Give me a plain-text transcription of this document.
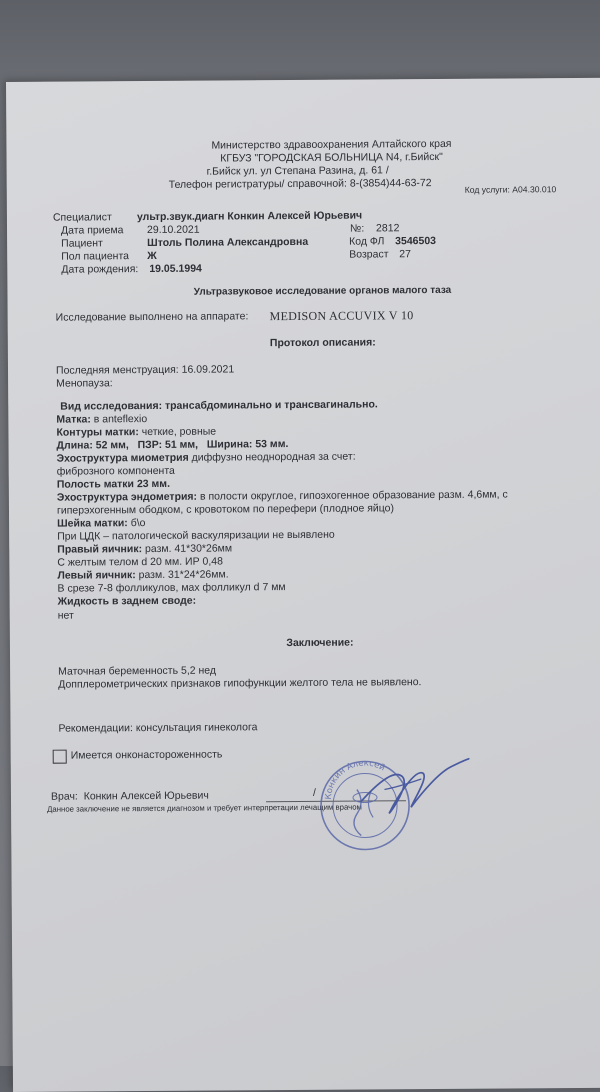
Министерство здравоохранения Алтайского края
КГБУЗ "ГОРОДСКАЯ БОЛЬНИЦА N4, г.Бийск"
г.Бийск ул. ул Степана Разина, д. 61 /
Телефон регистратуры/ справочной: 8-(3854)44-63-72	Код услуги: A04.30.010
Специалист ультр.звук.диагн Конкин Алексей Юрьевич
Дата приема 29.10.2021	№: 2812
Пациент	Штоль Полина Александровна	Код ФЛ 3546503
Пол пациента Ж	Возраст 27
Дата рождения: 19.05.1994
Ультразвуковое исследование органов малого таза
Исследование выполнено на аппарате: MEDISON ACCUVIX V 10
Протокол описания:
Последняя менструация: 16.09.2021
Менопауза:
Вид исследования: трансабдоминально и трансвагинально.
Матка: в anteflexio
Контуры матки: четкие, ровные
Длина: 52 мм, ПЗР: 51 мм, Ширина: 53 мм.
Эхоструктура миометрия диффузно неоднородная за счет:
фиброзного компонента
Полость матки 23 мм.
Эхоструктура эндометрия: в полости округлое, гипоэхогенное образование разм. 4,6мм, с
гиперэхогенным ободком, с кровотоком по перефери (плодное яйцо)
Шейка матки: б\о
При ЦДК – патологической васкуляризации не выявлено
Правый яичник: разм. 41*30*26мм
С желтым телом d 20 мм. ИР 0,48
Левый яичник: разм. 31*24*26мм.
В срезе 7-8 фолликулов, мах фолликул d 7 мм
Жидкость в заднем своде:
нет
Заключение:
Маточная беременность 5,2 нед
Допплерометрических признаков гипофункции желтого тела не выявлено.
Рекомендации: консультация гинеколога
Имеется онконастороженность
Врач: Конкин Алексей Юрьевич	/
Данное заключение не является диагнозом и требует интерпретации лечащим врачом
Конкин Алексей
